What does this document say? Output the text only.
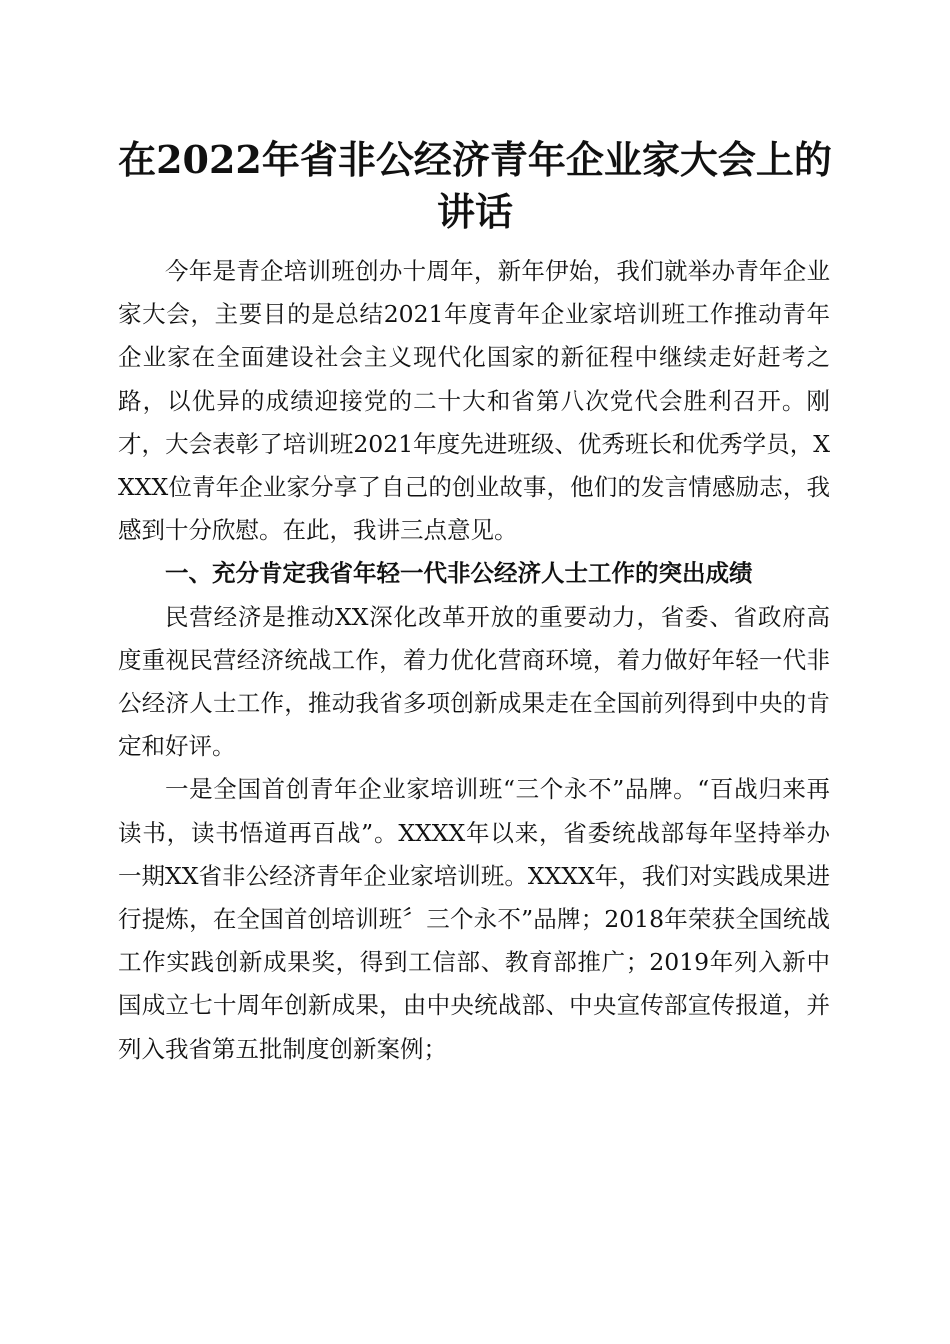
在2022年省非公经济青年企业家大会上的讲话

今年是青企培训班创办十周年，新年伊始，我们就举办青年企业家大会，主要目的是总结2021年度青年企业家培训班工作推动青年企业家在全面建设社会主义现代化国家的新征程中继续走好赶考之路，以优异的成绩迎接党的二十大和省第八次党代会胜利召开。刚才，大会表彰了培训班2021年度先进班级、优秀班长和优秀学员，XXXX位青年企业家分享了自己的创业故事，他们的发言情感励志，我感到十分欣慰。在此，我讲三点意见。

一、充分肯定我省年轻一代非公经济人士工作的突出成绩

民营经济是推动XX深化改革开放的重要动力，省委、省政府高度重视民营经济统战工作，着力优化营商环境，着力做好年轻一代非公经济人士工作，推动我省多项创新成果走在全国前列得到中央的肯定和好评。

一是全国首创青年企业家培训班“三个永不”品牌。“百战归来再读书，读书悟道再百战”。XXXX年以来，省委统战部每年坚持举办一期XX省非公经济青年企业家培训班。XXXX年，我们对实践成果进行提炼，在全国首创培训班〞三个永不”品牌；2018年荣获全国统战工作实践创新成果奖，得到工信部、教育部推广；2019年列入新中国成立七十周年创新成果，由中央统战部、中央宣传部宣传报道，并列入我省第五批制度创新案例；
